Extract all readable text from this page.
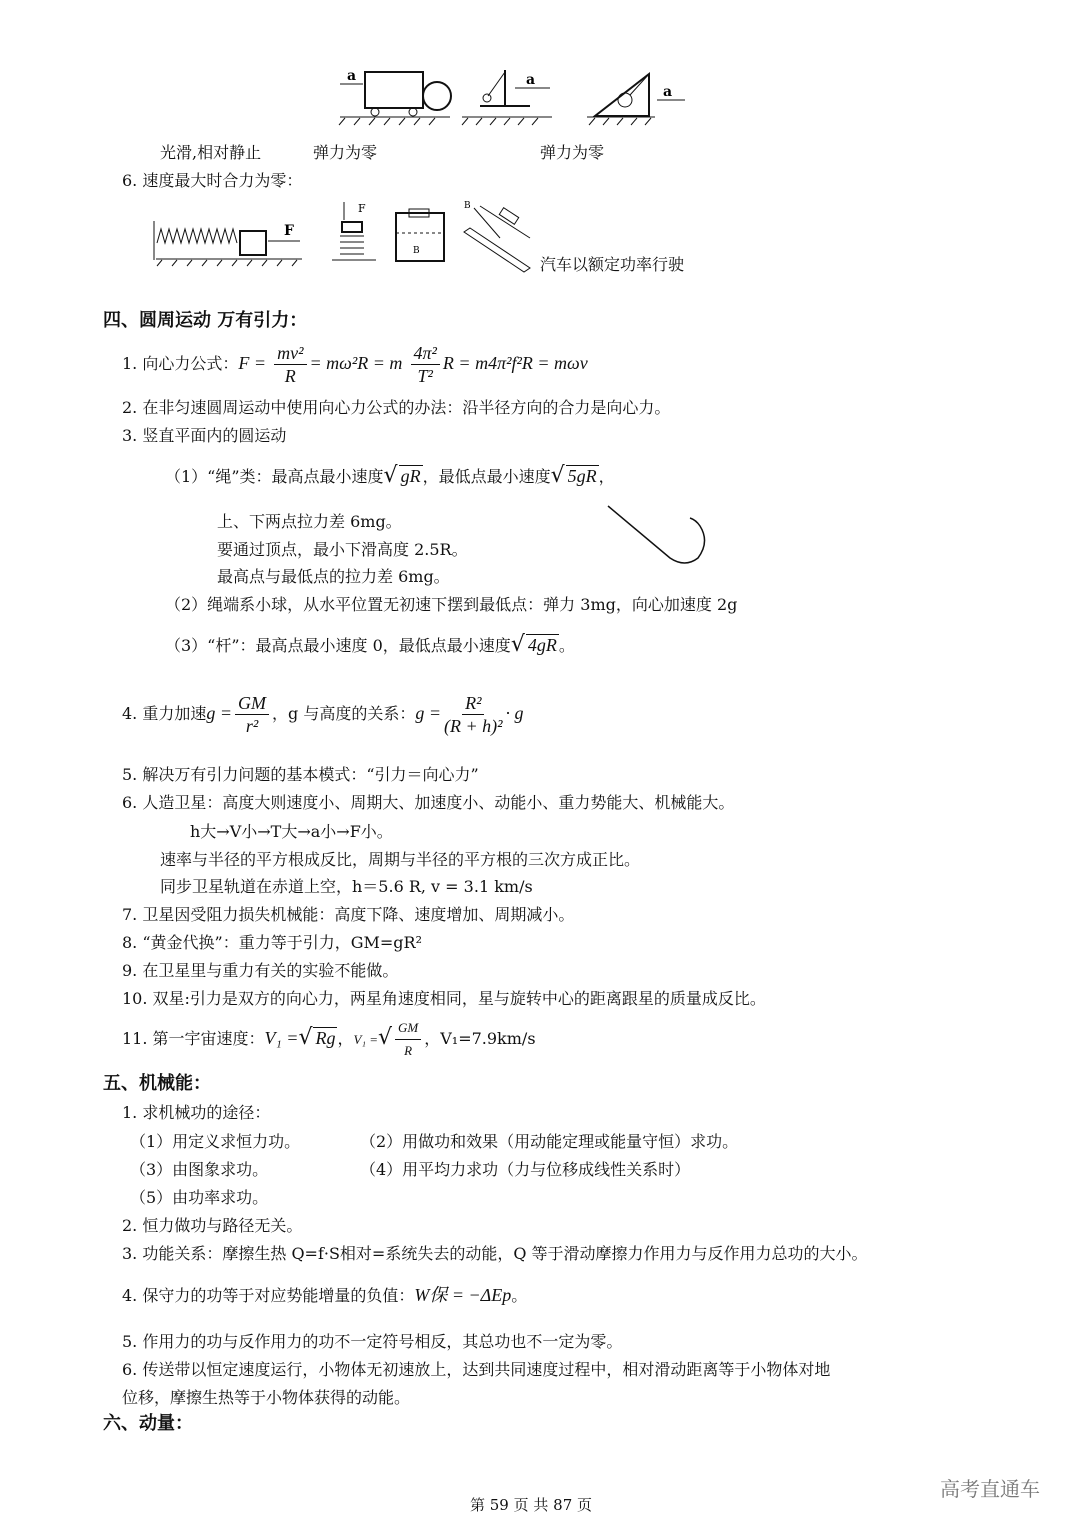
a	a
a
光滑,相对静止	弹力为零	弹力为零
6. 速度最大时合力为零：
F
F
B
B
汽车以额定功率行驶
四、圆周运动 万有引力：
1. 向心力公式：$F = \frac{\text{mv²}}{R} = m\omega^2R = m \frac{\text{4π²}}{\text{T²}}$ R = m4π²f²R = mωv
2. 在非匀速圆周运动中使用向心力公式的办法：沿半径方向的合力是向心力。
3. 竖直平面内的圆运动
（1）“绳”类：最高点最小速度√ gR ，最低点最小速度√ 5gR ，
上、下两点拉力差 6mg。
要通过顶点，最小下滑高度 2.5R。
最高点与最低点的拉力差 6mg。
（2）绳端系小球，从水平位置无初速下摆到最低点：弹力 3mg，向心加速度 2g
（3）“杆”：最高点最小速度 0，最低点最小速度√ 4gR 。
4. 重力加速$g = \frac{GM}{\text{r²}}$ ，g 与高度的关系：$g = \frac{\text{R²}}{\text{(R + h)²}} \cdot g$
5. 解决万有引力问题的基本模式：“引力＝向心力”
6. 人造卫星：高度大则速度小、周期大、加速度小、动能小、重力势能大、机械能大。
h大→V小→T大→a小→F小。
速率与半径的平方根成反比，周期与半径的平方根的三次方成正比。
同步卫星轨道在赤道上空，h＝5.6 R, v = 3.1 km/s
7. 卫星因受阻力损失机械能：高度下降、速度增加、周期减小。
8. “黄金代换”：重力等于引力，GM=gR²
9. 在卫星里与重力有关的实验不能做。
10. 双星:引力是双方的向心力，两星角速度相同，星与旋转中心的距离跟星的质量成反比。
11. 第一宇宙速度：V₁ =√ Rg ，V₁ =√ $\frac{GM}{R}$ ，V₁=7.9km/s
五、机械能：
1. 求机械功的途径：
（1）用定义求恒力功。	（2）用做功和效果（用动能定理或能量守恒）求功。
（3）由图象求功。	（4）用平均力求功（力与位移成线性关系时）
（5）由功率求功。
2. 恒力做功与路径无关。
3. 功能关系：摩擦生热 Q=f·S相对=系统失去的动能，Q 等于滑动摩擦力作用力与反作用力总功的大小。
4. 保守力的功等于对应势能增量的负值：W保 = −ΔEp。
5. 作用力的功与反作用力的功不一定符号相反，其总功也不一定为零。
6. 传送带以恒定速度运行，小物体无初速放上，达到共同速度过程中，相对滑动距离等于小物体对地
位移，摩擦生热等于小物体获得的动能。
六、动量：
第 59 页 共 87 页
高考直通车
